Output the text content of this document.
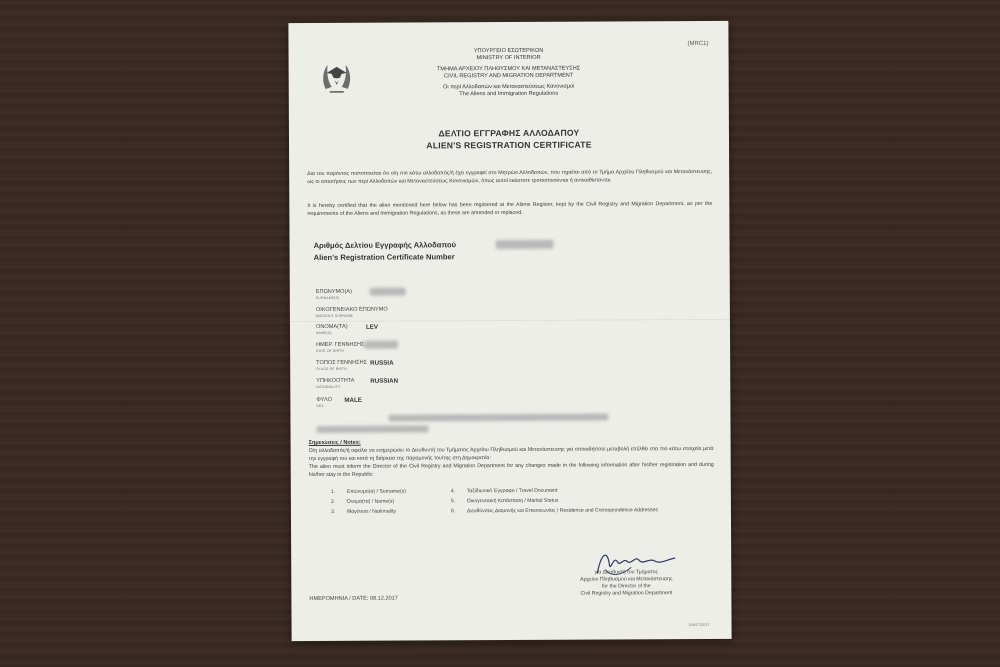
(MRC1)
ΥΠΟΥΡΓΕΙΟ ΕΣΩΤΕΡΙΚΩΝ
MINISTRY OF INTERIOR
ΤΜΗΜΑ ΑΡΧΕΙΟΥ ΠΛΗΘΥΣΜΟΥ ΚΑΙ ΜΕΤΑΝΑΣΤΕΥΣΗΣ
CIVIL REGISTRY AND MIGRATION DEPARTMENT
Οι περί Αλλοδαπών και Μεταναστεύσεως Κανονισμοί
The Aliens and Immigration Regulations
ΔΕΛΤΙΟ ΕΓΓΡΑΦΗΣ ΑΛΛΟΔΑΠΟΥ
ALIEN'S REGISTRATION CERTIFICATE
Δια του παρόντος πιστοποιείται ότι ο/η πιο κάτω αλλοδαπός/ή έχει εγγραφεί στο Μητρώο Αλλοδαπών, που τηρείται από το Τμήμα Αρχείου Πληθυσμού και Μετανάστευσης, ως οι απαιτήσεις των περί Αλλοδαπών και Μεταναστεύσεως Κανονισμών, όπως αυτοί εκάστοτε τροποποιούνται ή αντικαθίστανται.
It is hereby certified that the alien mentioned here below has been registered at the Aliens Register, kept by the Civil Registry and Migration Department, as per the requirements of the Aliens and Immigration Regulations, as these are amended or replaced.
Αριθμός Δελτίου Εγγραφής Αλλοδαπού
Alien's Registration Certificate Number
ΕΠΩΝΥΜΟ(Α)
SURNAME(S)
ΟΙΚΟΓΕΝΕΙΑΚΟ ΕΠΩΝΥΜΟ
MAIDEN'S SURNAME
ΟΝΟΜΑ(ΤΑ)
NAME(S)
LEV
ΗΜΕΡ. ΓΕΝΝΗΣΗΣ
DATE OF BIRTH
ΤΟΠΟΣ ΓΕΝΝΗΣΗΣ
PLACE OF BIRTH
RUSSIA
ΥΠΗΚΟΟΤΗΤΑ
NATIONALITY
RUSSIAN
ΦΥΛΟ
SEX
MALE
Σημειώσεις / Notes:
Ο/η αλλοδαπός/ή οφείλει να ενημερώσει το Διευθυντή του Τμήματος Αρχείου Πληθυσμού και Μετανάστευσης για οποιαδήποτε μεταβολή επέλθει στα πιο κάτω στοιχεία μετά την εγγραφή του και κατά τη διάρκεια της παραμονής του/της στη Δημοκρατία:
The alien must inform the Director of the Civil Registry and Migration Department for any changes made in the following information after his/her registration and during his/her stay in the Republic:
1. Επώνυμο(α) / Surname(s)
2. Όνομα(τα) / Name(s)
3. Ιθαγένεια / Nationality
4. Ταξιδιωτικό Έγγραφο / Travel Document
5. Οικογενειακή Κατάσταση / Marital Status
6. Διευθύνσεις Διαμονής και Επικοινωνίας / Residence and Correspondence Addresses
για Διευθυντή του Τμήματος
Αρχείου Πληθυσμού και Μετανάστευσης
for the Director of the
Civil Registry and Migration Department
ΗΜΕΡΟΜΗΝΙΑ / DATE: 08.12.2017
164/17/2017
